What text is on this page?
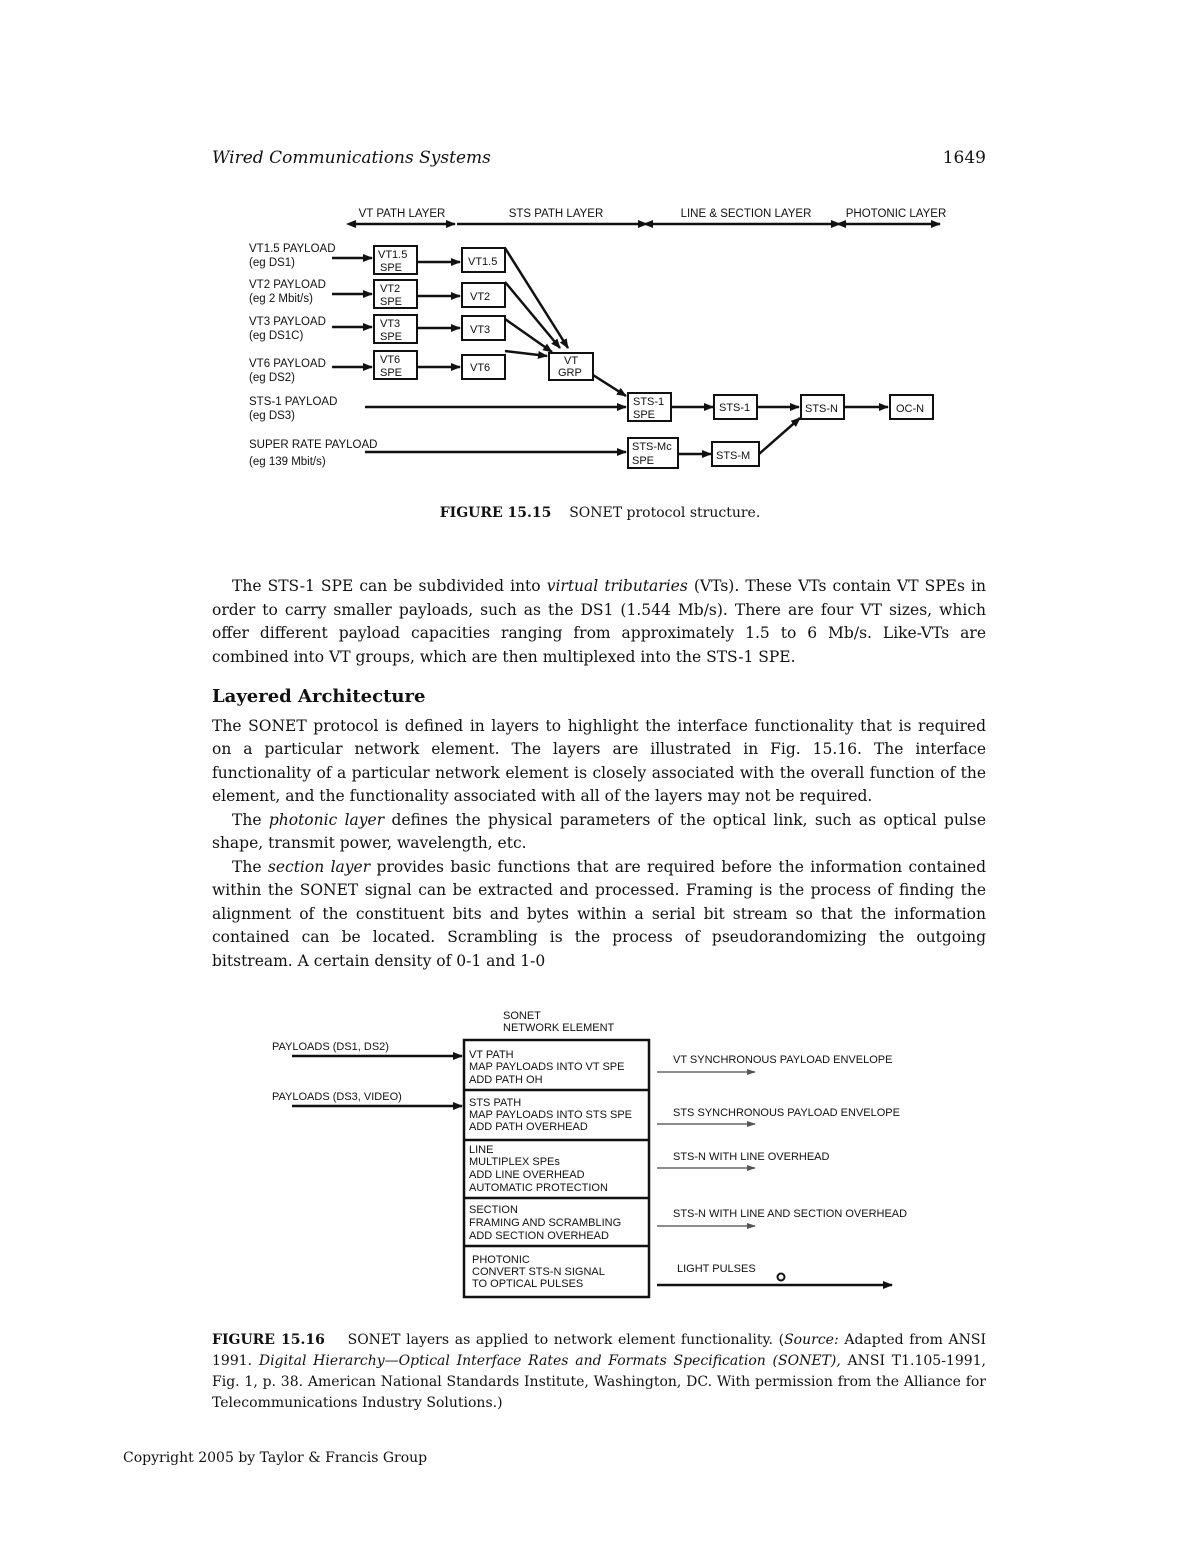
Wired Communications Systems	1649
VT PATH LAYER	STS PATH LAYER	LINE & SECTION LAYER	PHOTONIC LAYER
VT1.5 PAYLOAD
(eg DS1)
VT2 PAYLOAD
(eg 2 Mbit/s)
VT3 PAYLOAD
(eg DS1C)
VT6 PAYLOAD
(eg DS2)
STS-1 PAYLOAD
(eg DS3)
SUPER RATE PAYLOAD
(eg 139 Mbit/s)
VT1.5
SPE
VT2
SPE
VT3
SPE
VT6
SPE
VT1.5
VT2
VT3
VT6
VT
GRP
STS-1
SPE
STS-Mc
SPE
STS-1
STS-M
STS-N	OC-N
FIGURE 15.15 SONET protocol structure.

The STS-1 SPE can be subdivided into virtual tributaries (VTs). These VTs contain VT SPEs in order to carry smaller payloads, such as the DS1 (1.544 Mb/s). There are four VT sizes, which offer different payload capacities ranging from approximately 1.5 to 6 Mb/s. Like-VTs are combined into VT groups, which are then multiplexed into the STS-1 SPE.

Layered Architecture

The SONET protocol is defined in layers to highlight the interface functionality that is required on a particular network element. The layers are illustrated in Fig. 15.16. The interface functionality of a particular network element is closely associated with the overall function of the element, and the functionality associated with all of the layers may not be required.

The photonic layer defines the physical parameters of the optical link, such as optical pulse shape, transmit power, wavelength, etc.

The section layer provides basic functions that are required before the information contained within the SONET signal can be extracted and processed. Framing is the process of finding the alignment of the constituent bits and bytes within a serial bit stream so that the information contained can be located. Scrambling is the process of pseudorandomizing the outgoing bitstream. A certain density of 0-1 and 1-0

SONET
NETWORK ELEMENT
PAYLOADS (DS1, DS2)
PAYLOADS (DS3, VIDEO)
VT PATH
MAP PAYLOADS INTO VT SPE
ADD PATH OH
STS PATH
MAP PAYLOADS INTO STS SPE
ADD PATH OVERHEAD
LINE
MULTIPLEX SPEs
ADD LINE OVERHEAD
AUTOMATIC PROTECTION
SECTION
FRAMING AND SCRAMBLING
ADD SECTION OVERHEAD
PHOTONIC
CONVERT STS-N SIGNAL
TO OPTICAL PULSES
VT SYNCHRONOUS PAYLOAD ENVELOPE
STS SYNCHRONOUS PAYLOAD ENVELOPE
STS-N WITH LINE OVERHEAD
STS-N WITH LINE AND SECTION OVERHEAD
LIGHT PULSES
FIGURE 15.16 SONET layers as applied to network element functionality. (Source: Adapted from ANSI 1991. Digital Hierarchy—Optical Interface Rates and Formats Specification (SONET), ANSI T1.105-1991, Fig. 1, p. 38. American National Standards Institute, Washington, DC. With permission from the Alliance for Telecommunications Industry Solutions.)
Copyright 2005 by Taylor & Francis Group
